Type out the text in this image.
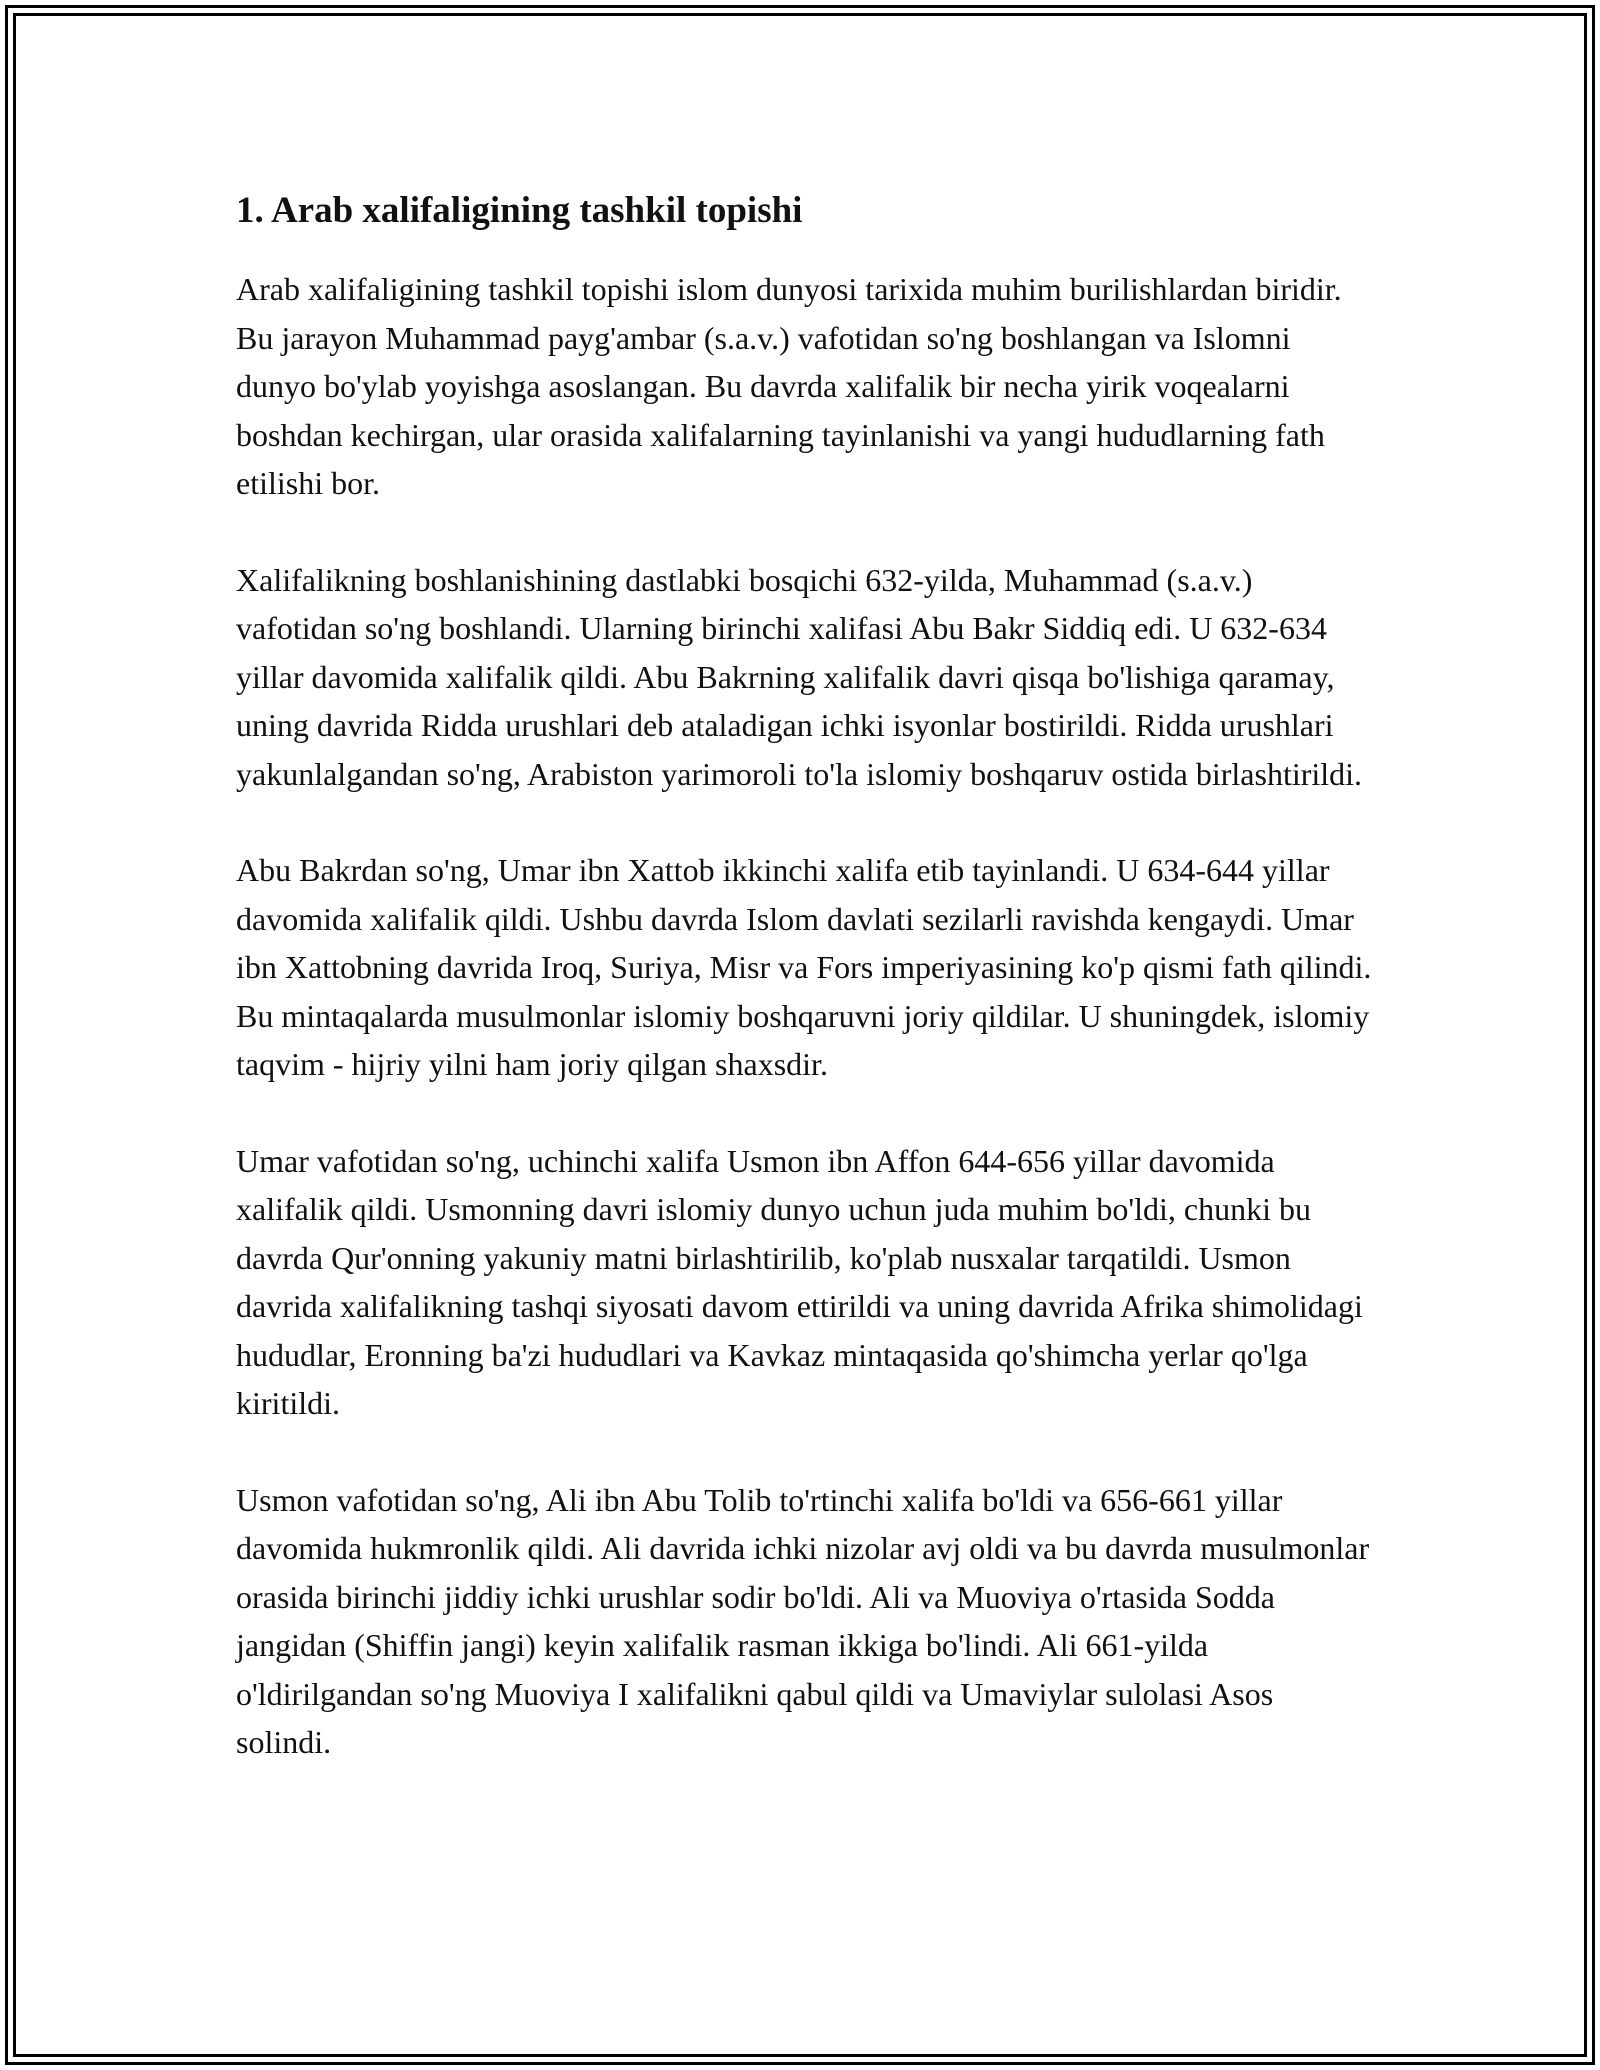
1. Arab xalifaligining tashkil topishi

Arab xalifaligining tashkil topishi islom dunyosi tarixida muhim burilishlardan biridir. Bu jarayon Muhammad payg'ambar (s.a.v.) vafotidan so'ng boshlangan va Islomni dunyo bo'ylab yoyishga asoslangan. Bu davrda xalifalik bir necha yirik voqealarni boshdan kechirgan, ular orasida xalifalarning tayinlanishi va yangi hududlarning fath etilishi bor.

Xalifalikning boshlanishining dastlabki bosqichi 632-yilda, Muhammad (s.a.v.) vafotidan so'ng boshlandi. Ularning birinchi xalifasi Abu Bakr Siddiq edi. U 632-634 yillar davomida xalifalik qildi. Abu Bakrning xalifalik davri qisqa bo'lishiga qaramay, uning davrida Ridda urushlari deb ataladigan ichki isyonlar bostirildi. Ridda urushlari yakunlalgandan so'ng, Arabiston yarimoroli to'la islomiy boshqaruv ostida birlashtirildi.

Abu Bakrdan so'ng, Umar ibn Xattob ikkinchi xalifa etib tayinlandi. U 634-644 yillar davomida xalifalik qildi. Ushbu davrda Islom davlati sezilarli ravishda kengaydi. Umar ibn Xattobning davrida Iroq, Suriya, Misr va Fors imperiyasining ko'p qismi fath qilindi. Bu mintaqalarda musulmonlar islomiy boshqaruvni joriy qildilar. U shuningdek, islomiy taqvim - hijriy yilni ham joriy qilgan shaxsdir.

Umar vafotidan so'ng, uchinchi xalifa Usmon ibn Affon 644-656 yillar davomida xalifalik qildi. Usmonning davri islomiy dunyo uchun juda muhim bo'ldi, chunki bu davrda Qur'onning yakuniy matni birlashtirilib, ko'plab nusxalar tarqatildi. Usmon davrida xalifalikning tashqi siyosati davom ettirildi va uning davrida Afrika shimolidagi hududlar, Eronning ba'zi hududlari va Kavkaz mintaqasida qo'shimcha yerlar qo'lga kiritildi.

Usmon vafotidan so'ng, Ali ibn Abu Tolib to'rtinchi xalifa bo'ldi va 656-661 yillar davomida hukmronlik qildi. Ali davrida ichki nizolar avj oldi va bu davrda musulmonlar orasida birinchi jiddiy ichki urushlar sodir bo'ldi. Ali va Muoviya o'rtasida Sodda jangidan (Shiffin jangi) keyin xalifalik rasman ikkiga bo'lindi. Ali 661-yilda o'ldirilgandan so'ng Muoviya I xalifalikni qabul qildi va Umaviylar sulolasi Asos solindi.
